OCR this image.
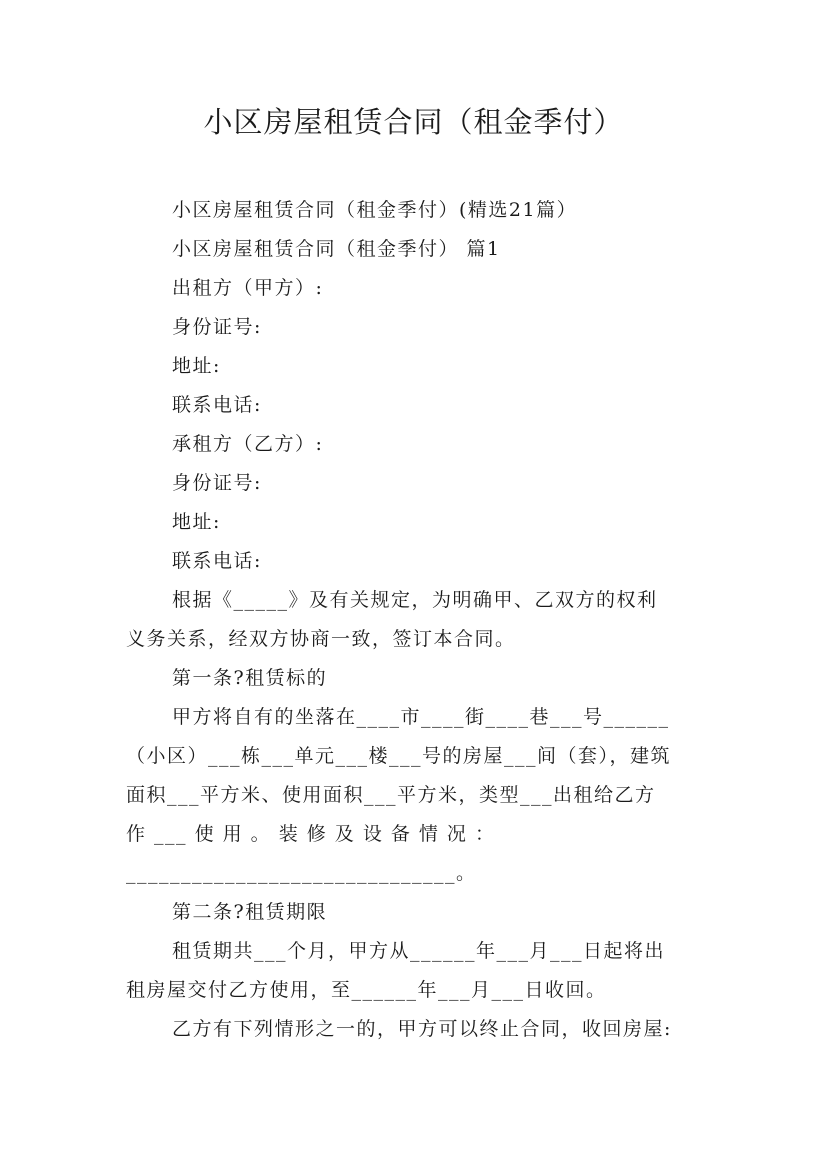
小区房屋租赁合同（租金季付）
小区房屋租赁合同（租金季付）(精选21篇）
小区房屋租赁合同（租金季付） 篇1
出租方（甲方）:
身份证号:
地址:
联系电话:
承租方（乙方）:
身份证号:
地址:
联系电话:
根据《_____》及有关规定，为明确甲、乙双方的权利
义务关系，经双方协商一致，签订本合同。
第一条?租赁标的
甲方将自有的坐落在____市____街____巷___号______
（小区）___栋___单元___楼___号的房屋___间（套），建筑
面积___平方米、使用面积___平方米，类型___出租给乙方
作 ___ 使 用 。 装 修 及 设 备 情 况 ：
______________________________。
第二条?租赁期限
租赁期共___个月，甲方从______年___月___日起将出
租房屋交付乙方使用，至______年___月___日收回。
乙方有下列情形之一的，甲方可以终止合同，收回房屋:
